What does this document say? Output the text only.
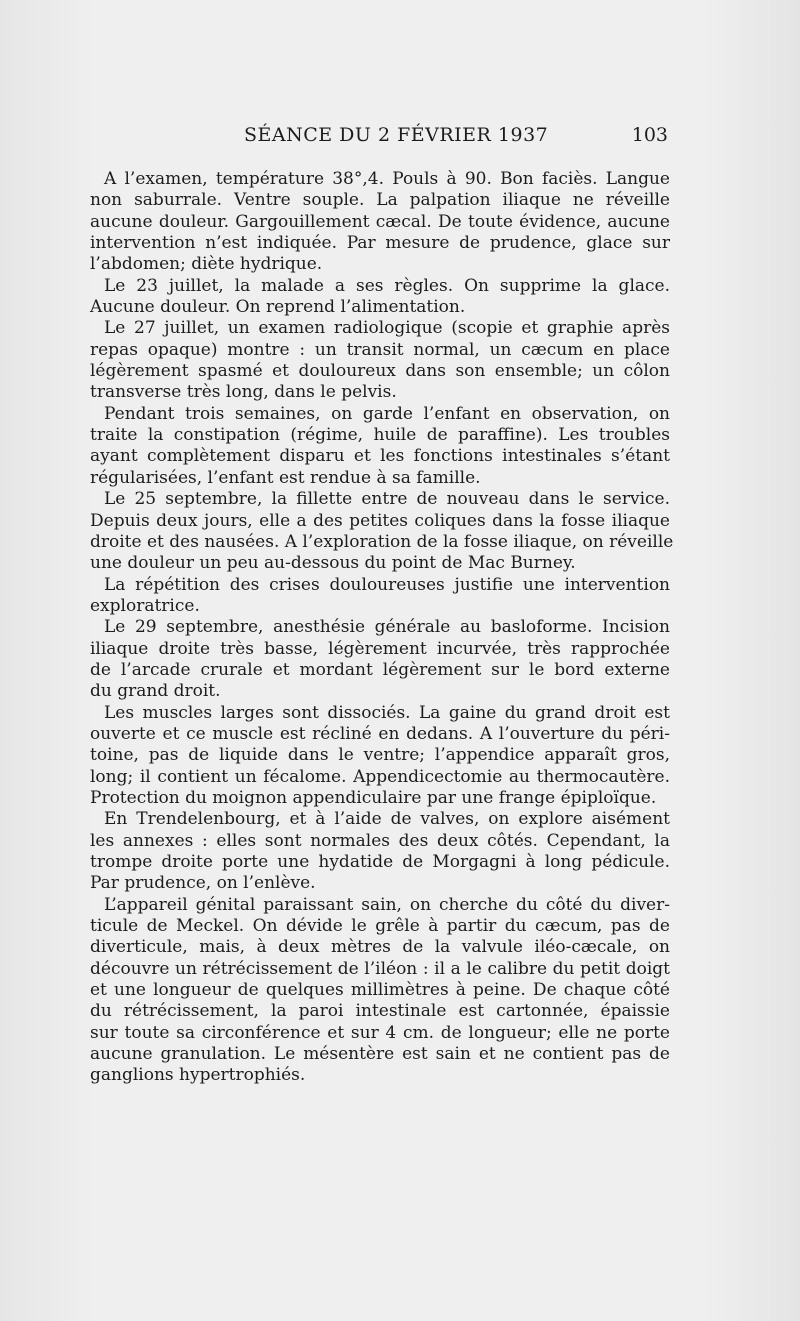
SÉANCE DU 2 FÉVRIER 1937	103
A l’examen, température 38°,4. Pouls à 90. Bon faciès. Langue
non saburrale. Ventre souple. La palpation iliaque ne réveille
aucune douleur. Gargouillement cæcal. De toute évidence, aucune
intervention n’est indiquée. Par mesure de prudence, glace sur
l’abdomen; diète hydrique.
Le 23 juillet, la malade a ses règles. On supprime la glace.
Aucune douleur. On reprend l’alimentation.
Le 27 juillet, un examen radiologique (scopie et graphie après
repas opaque) montre : un transit normal, un cæcum en place
légèrement spasmé et douloureux dans son ensemble; un côlon
transverse très long, dans le pelvis.
Pendant trois semaines, on garde l’enfant en observation, on
traite la constipation (régime, huile de paraffine). Les troubles
ayant complètement disparu et les fonctions intestinales s’étant
régularisées, l’enfant est rendue à sa famille.
Le 25 septembre, la fillette entre de nouveau dans le service.
Depuis deux jours, elle a des petites coliques dans la fosse iliaque
droite et des nausées. A l’exploration de la fosse iliaque, on réveille
une douleur un peu au-dessous du point de Mac Burney.
La répétition des crises douloureuses justifie une intervention
exploratrice.
Le 29 septembre, anesthésie générale au basloforme. Incision
iliaque droite très basse, légèrement incurvée, très rapprochée
de l’arcade crurale et mordant légèrement sur le bord externe
du grand droit.
Les muscles larges sont dissociés. La gaine du grand droit est
ouverte et ce muscle est récliné en dedans. A l’ouverture du péri-
toine, pas de liquide dans le ventre; l’appendice apparaît gros,
long; il contient un fécalome. Appendicectomie au thermocautère.
Protection du moignon appendiculaire par une frange épiploïque.
En Trendelenbourg, et à l’aide de valves, on explore aisément
les annexes : elles sont normales des deux côtés. Cependant, la
trompe droite porte une hydatide de Morgagni à long pédicule.
Par prudence, on l’enlève.
L’appareil génital paraissant sain, on cherche du côté du diver-
ticule de Meckel. On dévide le grêle à partir du cæcum, pas de
diverticule, mais, à deux mètres de la valvule iléo-cæcale, on
découvre un rétrécissement de l’iléon : il a le calibre du petit doigt
et une longueur de quelques millimètres à peine. De chaque côté
du rétrécissement, la paroi intestinale est cartonnée, épaissie
sur toute sa circonférence et sur 4 cm. de longueur; elle ne porte
aucune granulation. Le mésentère est sain et ne contient pas de
ganglions hypertrophiés.
